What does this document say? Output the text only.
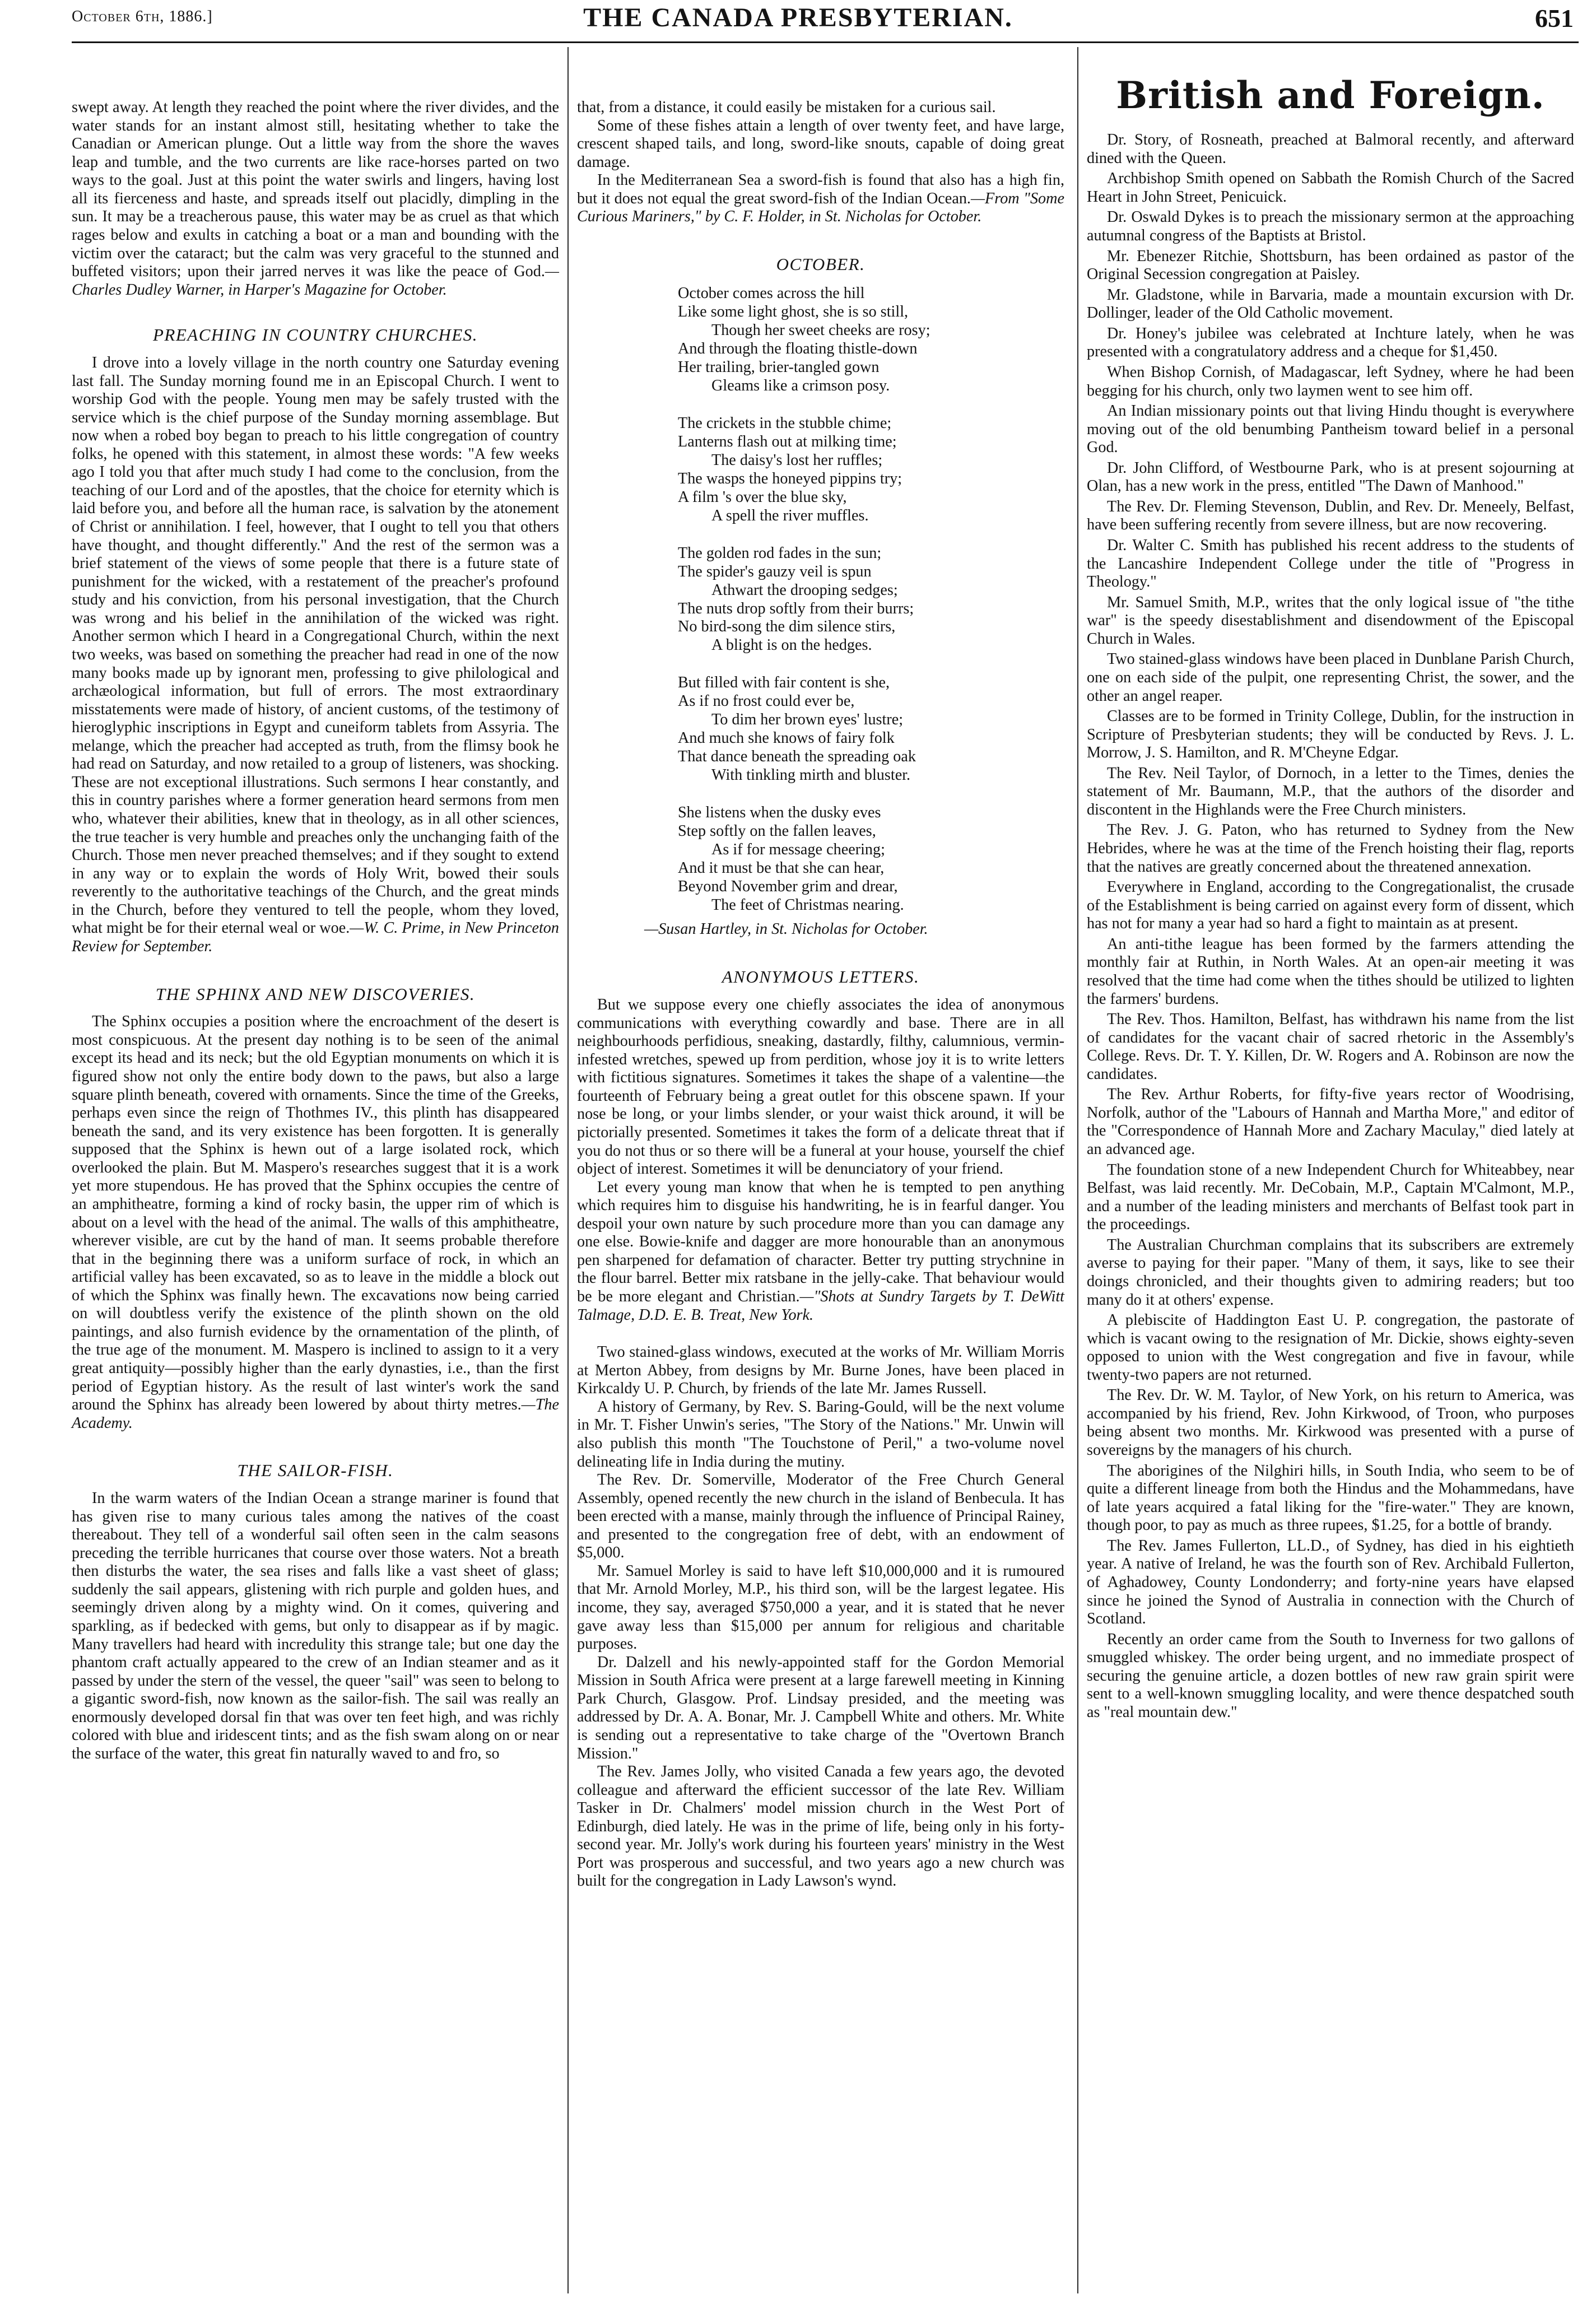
October 6th, 1886.]	THE CANADA PRESBYTERIAN.	651

swept away. At length they reached the point where the river divides, and the water stands for an instant almost still, hesitating whether to take the Canadian or American plunge. Out a little way from the shore the waves leap and tumble, and the two currents are like race-horses parted on two ways to the goal. Just at this point the water swirls and lingers, having lost all its fierceness and haste, and spreads itself out placidly, dimpling in the sun. It may be a treacherous pause, this water may be as cruel as that which rages below and exults in catching a boat or a man and bounding with the victim over the cataract; but the calm was very graceful to the stunned and buffeted visitors; upon their jarred nerves it was like the peace of God.—Charles Dudley Warner, in Harper's Magazine for October.

PREACHING IN COUNTRY CHURCHES.

I drove into a lovely village in the north country one Saturday evening last fall. The Sunday morning found me in an Episcopal Church. I went to worship God with the people. Young men may be safely trusted with the service which is the chief purpose of the Sunday morning assemblage. But now when a robed boy began to preach to his little congregation of country folks, he opened with this statement, in almost these words: "A few weeks ago I told you that after much study I had come to the conclusion, from the teaching of our Lord and of the apostles, that the choice for eternity which is laid before you, and before all the human race, is salvation by the atonement of Christ or annihilation. I feel, however, that I ought to tell you that others have thought, and thought differently." And the rest of the sermon was a brief statement of the views of some people that there is a future state of punishment for the wicked, with a restatement of the preacher's profound study and his conviction, from his personal investigation, that the Church was wrong and his belief in the annihilation of the wicked was right. Another sermon which I heard in a Congregational Church, within the next two weeks, was based on something the preacher had read in one of the now many books made up by ignorant men, professing to give philological and archæological information, but full of errors. The most extraordinary misstatements were made of history, of ancient customs, of the testimony of hieroglyphic inscriptions in Egypt and cuneiform tablets from Assyria. The melange, which the preacher had accepted as truth, from the flimsy book he had read on Saturday, and now retailed to a group of listeners, was shocking. These are not exceptional illustrations. Such sermons I hear constantly, and this in country parishes where a former generation heard sermons from men who, whatever their abilities, knew that in theology, as in all other sciences, the true teacher is very humble and preaches only the unchanging faith of the Church. Those men never preached themselves; and if they sought to extend in any way or to explain the words of Holy Writ, bowed their souls reverently to the authoritative teachings of the Church, and the great minds in the Church, before they ventured to tell the people, whom they loved, what might be for their eternal weal or woe.—W. C. Prime, in New Princeton Review for September.

THE SPHINX AND NEW DISCOVERIES.

The Sphinx occupies a position where the encroachment of the desert is most conspicuous. At the present day nothing is to be seen of the animal except its head and its neck; but the old Egyptian monuments on which it is figured show not only the entire body down to the paws, but also a large square plinth beneath, covered with ornaments. Since the time of the Greeks, perhaps even since the reign of Thothmes IV., this plinth has disappeared beneath the sand, and its very existence has been forgotten. It is generally supposed that the Sphinx is hewn out of a large isolated rock, which overlooked the plain. But M. Maspero's researches suggest that it is a work yet more stupendous. He has proved that the Sphinx occupies the centre of an amphitheatre, forming a kind of rocky basin, the upper rim of which is about on a level with the head of the animal. The walls of this amphitheatre, wherever visible, are cut by the hand of man. It seems probable therefore that in the beginning there was a uniform surface of rock, in which an artificial valley has been excavated, so as to leave in the middle a block out of which the Sphinx was finally hewn. The excavations now being carried on will doubtless verify the existence of the plinth shown on the old paintings, and also furnish evidence by the ornamentation of the plinth, of the true age of the monument. M. Maspero is inclined to assign to it a very great antiquity—possibly higher than the early dynasties, i.e., than the first period of Egyptian history. As the result of last winter's work the sand around the Sphinx has already been lowered by about thirty metres.—The Academy.

THE SAILOR-FISH.

In the warm waters of the Indian Ocean a strange mariner is found that has given rise to many curious tales among the natives of the coast thereabout. They tell of a wonderful sail often seen in the calm seasons preceding the terrible hurricanes that course over those waters. Not a breath then disturbs the water, the sea rises and falls like a vast sheet of glass; suddenly the sail appears, glistening with rich purple and golden hues, and seemingly driven along by a mighty wind. On it comes, quivering and sparkling, as if bedecked with gems, but only to disappear as if by magic. Many travellers had heard with incredulity this strange tale; but one day the phantom craft actually appeared to the crew of an Indian steamer and as it passed by under the stern of the vessel, the queer "sail" was seen to belong to a gigantic sword-fish, now known as the sailor-fish. The sail was really an enormously developed dorsal fin that was over ten feet high, and was richly colored with blue and iridescent tints; and as the fish swam along on or near the surface of the water, this great fin naturally waved to and fro, so

that, from a distance, it could easily be mistaken for a curious sail.

Some of these fishes attain a length of over twenty feet, and have large, crescent shaped tails, and long, sword-like snouts, capable of doing great damage.

In the Mediterranean Sea a sword-fish is found that also has a high fin, but it does not equal the great sword-fish of the Indian Ocean.—From "Some Curious Mariners," by C. F. Holder, in St. Nicholas for October.

OCTOBER.
October comes across the hill
Like some light ghost, she is so still,
Though her sweet cheeks are rosy;
And through the floating thistle-down
Her trailing, brier-tangled gown
Gleams like a crimson posy.
The crickets in the stubble chime;
Lanterns flash out at milking time;
The daisy's lost her ruffles;
The wasps the honeyed pippins try;
A film 's over the blue sky,
A spell the river muffles.
The golden rod fades in the sun;
The spider's gauzy veil is spun
Athwart the drooping sedges;
The nuts drop softly from their burrs;
No bird-song the dim silence stirs,
A blight is on the hedges.
But filled with fair content is she,
As if no frost could ever be,
To dim her brown eyes' lustre;
And much she knows of fairy folk
That dance beneath the spreading oak
With tinkling mirth and bluster.
She listens when the dusky eves
Step softly on the fallen leaves,
As if for message cheering;
And it must be that she can hear,
Beyond November grim and drear,
The feet of Christmas nearing.
—Susan Hartley, in St. Nicholas for October.
ANONYMOUS LETTERS.

But we suppose every one chiefly associates the idea of anonymous communications with everything cowardly and base. There are in all neighbourhoods perfidious, sneaking, dastardly, filthy, calumnious, vermin-infested wretches, spewed up from perdition, whose joy it is to write letters with fictitious signatures. Sometimes it takes the shape of a valentine—the fourteenth of February being a great outlet for this obscene spawn. If your nose be long, or your limbs slender, or your waist thick around, it will be pictorially presented. Sometimes it takes the form of a delicate threat that if you do not thus or so there will be a funeral at your house, yourself the chief object of interest. Sometimes it will be denunciatory of your friend.

Let every young man know that when he is tempted to pen anything which requires him to disguise his handwriting, he is in fearful danger. You despoil your own nature by such procedure more than you can damage any one else. Bowie-knife and dagger are more honourable than an anonymous pen sharpened for defamation of character. Better try putting strychnine in the flour barrel. Better mix ratsbane in the jelly-cake. That behaviour would be be more elegant and Christian.—"Shots at Sundry Targets by T. DeWitt Talmage, D.D. E. B. Treat, New York.

Two stained-glass windows, executed at the works of Mr. William Morris at Merton Abbey, from designs by Mr. Burne Jones, have been placed in Kirkcaldy U. P. Church, by friends of the late Mr. James Russell.

A history of Germany, by Rev. S. Baring-Gould, will be the next volume in Mr. T. Fisher Unwin's series, "The Story of the Nations." Mr. Unwin will also publish this month "The Touchstone of Peril," a two-volume novel delineating life in India during the mutiny.

The Rev. Dr. Somerville, Moderator of the Free Church General Assembly, opened recently the new church in the island of Benbecula. It has been erected with a manse, mainly through the influence of Principal Rainey, and presented to the congregation free of debt, with an endowment of $5,000.

Mr. Samuel Morley is said to have left $10,000,000 and it is rumoured that Mr. Arnold Morley, M.P., his third son, will be the largest legatee. His income, they say, averaged $750,000 a year, and it is stated that he never gave away less than $15,000 per annum for religious and charitable purposes.

Dr. Dalzell and his newly-appointed staff for the Gordon Memorial Mission in South Africa were present at a large farewell meeting in Kinning Park Church, Glasgow. Prof. Lindsay presided, and the meeting was addressed by Dr. A. A. Bonar, Mr. J. Campbell White and others. Mr. White is sending out a representative to take charge of the "Overtown Branch Mission."

The Rev. James Jolly, who visited Canada a few years ago, the devoted colleague and afterward the efficient successor of the late Rev. William Tasker in Dr. Chalmers' model mission church in the West Port of Edinburgh, died lately. He was in the prime of life, being only in his forty-second year. Mr. Jolly's work during his fourteen years' ministry in the West Port was prosperous and successful, and two years ago a new church was built for the congregation in Lady Lawson's wynd.

British and Foreign.

Dr. Story, of Rosneath, preached at Balmoral recently, and afterward dined with the Queen.

Archbishop Smith opened on Sabbath the Romish Church of the Sacred Heart in John Street, Penicuick.

Dr. Oswald Dykes is to preach the missionary sermon at the approaching autumnal congress of the Baptists at Bristol.

Mr. Ebenezer Ritchie, Shottsburn, has been ordained as pastor of the Original Secession congregation at Paisley.

Mr. Gladstone, while in Barvaria, made a mountain excursion with Dr. Dollinger, leader of the Old Catholic movement.

Dr. Honey's jubilee was celebrated at Inchture lately, when he was presented with a congratulatory address and a cheque for $1,450.

When Bishop Cornish, of Madagascar, left Sydney, where he had been begging for his church, only two laymen went to see him off.

An Indian missionary points out that living Hindu thought is everywhere moving out of the old benumbing Pantheism toward belief in a personal God.

Dr. John Clifford, of Westbourne Park, who is at present sojourning at Olan, has a new work in the press, entitled "The Dawn of Manhood."

The Rev. Dr. Fleming Stevenson, Dublin, and Rev. Dr. Meneely, Belfast, have been suffering recently from severe illness, but are now recovering.

Dr. Walter C. Smith has published his recent address to the students of the Lancashire Independent College under the title of "Progress in Theology."

Mr. Samuel Smith, M.P., writes that the only logical issue of "the tithe war" is the speedy disestablishment and disendowment of the Episcopal Church in Wales.

Two stained-glass windows have been placed in Dunblane Parish Church, one on each side of the pulpit, one representing Christ, the sower, and the other an angel reaper.

Classes are to be formed in Trinity College, Dublin, for the instruction in Scripture of Presbyterian students; they will be conducted by Revs. J. L. Morrow, J. S. Hamilton, and R. M'Cheyne Edgar.

The Rev. Neil Taylor, of Dornoch, in a letter to the Times, denies the statement of Mr. Baumann, M.P., that the authors of the disorder and discontent in the Highlands were the Free Church ministers.

The Rev. J. G. Paton, who has returned to Sydney from the New Hebrides, where he was at the time of the French hoisting their flag, reports that the natives are greatly concerned about the threatened annexation.

Everywhere in England, according to the Congregationalist, the crusade of the Establishment is being carried on against every form of dissent, which has not for many a year had so hard a fight to maintain as at present.

An anti-tithe league has been formed by the farmers attending the monthly fair at Ruthin, in North Wales. At an open-air meeting it was resolved that the time had come when the tithes should be utilized to lighten the farmers' burdens.

The Rev. Thos. Hamilton, Belfast, has withdrawn his name from the list of candidates for the vacant chair of sacred rhetoric in the Assembly's College. Revs. Dr. T. Y. Killen, Dr. W. Rogers and A. Robinson are now the candidates.

The Rev. Arthur Roberts, for fifty-five years rector of Woodrising, Norfolk, author of the "Labours of Hannah and Martha More," and editor of the "Correspondence of Hannah More and Zachary Maculay," died lately at an advanced age.

The foundation stone of a new Independent Church for Whiteabbey, near Belfast, was laid recently. Mr. DeCobain, M.P., Captain M'Calmont, M.P., and a number of the leading ministers and merchants of Belfast took part in the proceedings.

The Australian Churchman complains that its subscribers are extremely averse to paying for their paper. "Many of them, it says, like to see their doings chronicled, and their thoughts given to admiring readers; but too many do it at others' expense.

A plebiscite of Haddington East U. P. congregation, the pastorate of which is vacant owing to the resignation of Mr. Dickie, shows eighty-seven opposed to union with the West congregation and five in favour, while twenty-two papers are not returned.

The Rev. Dr. W. M. Taylor, of New York, on his return to America, was accompanied by his friend, Rev. John Kirkwood, of Troon, who purposes being absent two months. Mr. Kirkwood was presented with a purse of sovereigns by the managers of his church.

The aborigines of the Nilghiri hills, in South India, who seem to be of quite a different lineage from both the Hindus and the Mohammedans, have of late years acquired a fatal liking for the "fire-water." They are known, though poor, to pay as much as three rupees, $1.25, for a bottle of brandy.

The Rev. James Fullerton, LL.D., of Sydney, has died in his eightieth year. A native of Ireland, he was the fourth son of Rev. Archibald Fullerton, of Aghadowey, County Londonderry; and forty-nine years have elapsed since he joined the Synod of Australia in connection with the Church of Scotland.

Recently an order came from the South to Inverness for two gallons of smuggled whiskey. The order being urgent, and no immediate prospect of securing the genuine article, a dozen bottles of new raw grain spirit were sent to a well-known smuggling locality, and were thence despatched south as "real mountain dew."
